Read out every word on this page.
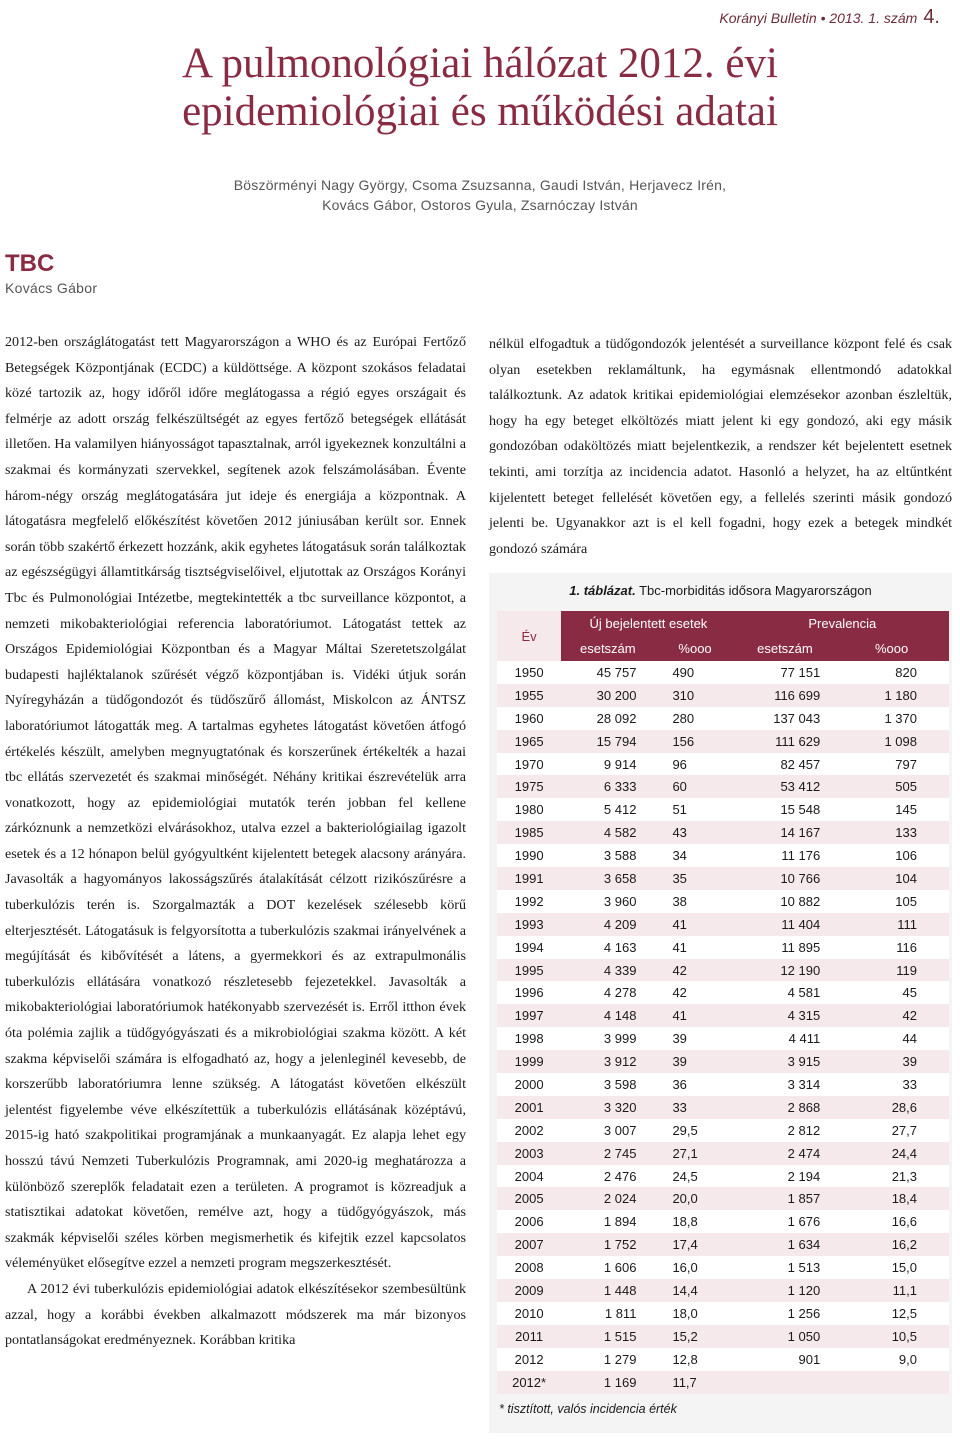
Korányi Bulletin • 2013. 1. szám 4.
A pulmonológiai hálózat 2012. évi
epidemiológiai és működési adatai
Böszörményi Nagy György, Csoma Zsuzsanna, Gaudi István, Herjavecz Irén,
Kovács Gábor, Ostoros Gyula, Zsarnóczay István
TBC
Kovács Gábor

2012-ben országlátogatást tett Magyarországon a WHO és az Európai Fertőző Betegségek Központjának (ECDC) a küldöttsége. A központ szokásos feladatai közé tartozik az, hogy időről időre meglátogassa a régió egyes országait és felmérje az adott ország felkészültségét az egyes fertőző betegségek ellátását illetően. Ha valamilyen hiányosságot tapasztalnak, arról igyekeznek konzultálni a szakmai és kormányzati szervekkel, segítenek azok felszámolásában. Évente három-négy ország meglátogatására jut ideje és energiája a központnak. A látogatásra megfelelő előkészítést követően 2012 júniusában került sor. Ennek során több szakértő érkezett hozzánk, akik egyhetes látogatásuk során találkoztak az egészségügyi államtitkárság tisztségviselőivel, eljutottak az Országos Korányi Tbc és Pulmonológiai Intézetbe, megtekintették a tbc surveillance központot, a nemzeti mikobakteriológiai referencia laboratóriumot. Látogatást tettek az Országos Epidemiológiai Központban és a Magyar Máltai Szeretetszolgálat budapesti hajléktalanok szűrését végző központjában is. Vidéki útjuk során Nyíregyházán a tüdőgondozót és tüdőszűrő állomást, Miskolcon az ÁNTSZ laboratóriumot látogatták meg. A tartalmas egyhetes látogatást követően átfogó értékelés készült, amelyben megnyugtatónak és korszerűnek értékelték a hazai tbc ellátás szervezetét és szakmai minőségét. Néhány kritikai észrevételük arra vonatkozott, hogy az epidemiológiai mutatók terén jobban fel kellene zárkóznunk a nemzetközi elvárásokhoz, utalva ezzel a bakteriológiailag igazolt esetek és a 12 hónapon belül gyógyultként kijelentett betegek alacsony arányára. Javasolták a hagyományos lakosságszűrés átalakítását célzott rizikószűrésre a tuberkulózis terén is. Szorgalmazták a DOT kezelések szélesebb körű elterjesztését. Látogatásuk is felgyorsította a tuberkulózis szakmai irányelvének a megújítását és kibővítését a látens, a gyermekkori és az extrapulmonális tuberkulózis ellátására vonatkozó részletesebb fejezetekkel. Javasolták a mikobakteriológiai laboratóriumok hatékonyabb szervezését is. Erről itthon évek óta polémia zajlik a tüdőgyógyászati és a mikrobiológiai szakma között. A két szakma képviselői számára is elfogadható az, hogy a jelenleginél kevesebb, de korszerűbb laboratóriumra lenne szükség. A látogatást követően elkészült jelentést figyelembe véve elkészítettük a tuberkulózis ellátásának középtávú, 2015-ig ható szakpolitikai programjának a munkaanyagát. Ez alapja lehet egy hosszú távú Nemzeti Tuberkulózis Programnak, ami 2020-ig meghatározza a különböző szereplők feladatait ezen a területen. A programot is közreadjuk a statisztikai adatokat követően, remélve azt, hogy a tüdőgyógyászok, más szakmák képviselői széles körben megismerhetik és kifejtik ezzel kapcsolatos véleményüket elősegítve ezzel a nemzeti program megszerkesztését.

A 2012 évi tuberkulózis epidemiológiai adatok elkészítésekor szembesültünk azzal, hogy a korábbi években alkalmazott módszerek ma már bizonyos pontatlanságokat eredményeznek. Korábban kritika

nélkül elfogadtuk a tüdőgondozók jelentését a surveillance központ felé és csak olyan esetekben reklamáltunk, ha egymásnak ellentmondó adatokkal találkoztunk. Az adatok kritikai epidemiológiai elemzésekor azonban észleltük, hogy ha egy beteget elköltözés miatt jelent ki egy gondozó, aki egy másik gondozóban odaköltözés miatt bejelentkezik, a rendszer két bejelentett esetnek tekinti, ami torzítja az incidencia adatot. Hasonló a helyzet, ha az eltűntként kijelentett beteget fellelését követően egy, a fellelés szerinti másik gondozó jelenti be. Ugyanakkor azt is el kell fogadni, hogy ezek a betegek mindkét gondozó számára

1. táblázat. Tbc-morbiditás idősora Magyarországon
Év	Új bejelentett esetek		Prevalencia	
	esetszám	%ooo	esetszám	%ooo
1950	45 757	490	77 151	820
1955	30 200	310	116 699	1 180
1960	28 092	280	137 043	1 370
1965	15 794	156	111 629	1 098
1970	9 914	96	82 457	797
1975	6 333	60	53 412	505
1980	5 412	51	15 548	145
1985	4 582	43	14 167	133
1990	3 588	34	11 176	106
1991	3 658	35	10 766	104
1992	3 960	38	10 882	105
1993	4 209	41	11 404	111
1994	4 163	41	11 895	116
1995	4 339	42	12 190	119
1996	4 278	42	4 581	45
1997	4 148	41	4 315	42
1998	3 999	39	4 411	44
1999	3 912	39	3 915	39
2000	3 598	36	3 314	33
2001	3 320	33	2 868	28,6
2002	3 007	29,5	2 812	27,7
2003	2 745	27,1	2 474	24,4
2004	2 476	24,5	2 194	21,3
2005	2 024	20,0	1 857	18,4
2006	1 894	18,8	1 676	16,6
2007	1 752	17,4	1 634	16,2
2008	1 606	16,0	1 513	15,0
2009	1 448	14,4	1 120	11,1
2010	1 811	18,0	1 256	12,5
2011	1 515	15,2	1 050	10,5
2012	1 279	12,8	901	9,0
2012*	1 169	11,7		
* tisztított, valós incidencia érték
